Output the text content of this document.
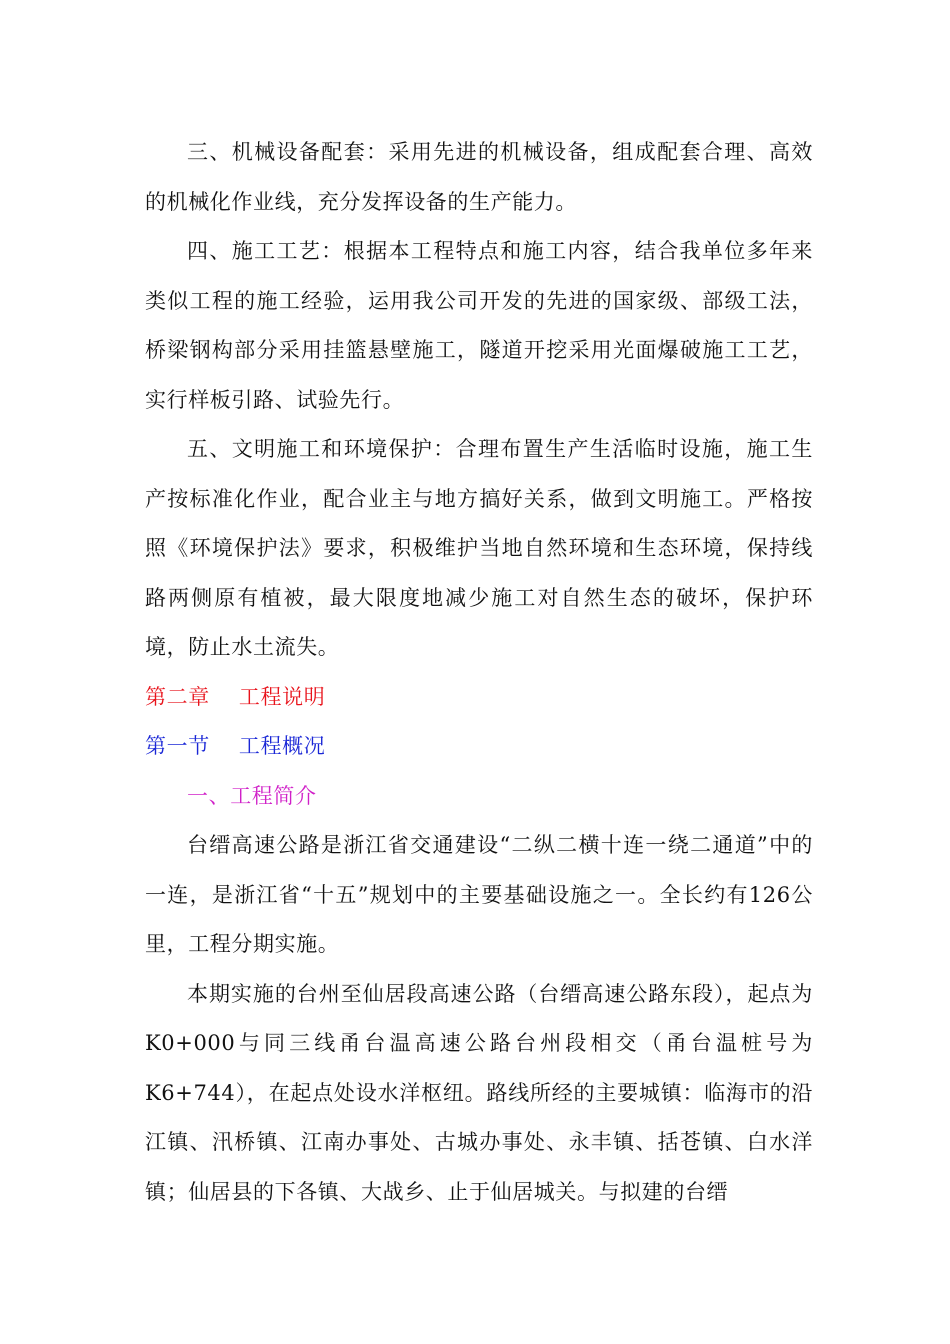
三、机械设备配套：采用先进的机械设备，组成配套合理、高效的机械化作业线，充分发挥设备的生产能力。

四、施工工艺：根据本工程特点和施工内容，结合我单位多年来类似工程的施工经验，运用我公司开发的先进的国家级、部级工法，桥梁钢构部分采用挂篮悬壁施工，隧道开挖采用光面爆破施工工艺，实行样板引路、试验先行。

五、文明施工和环境保护：合理布置生产生活临时设施，施工生产按标准化作业，配合业主与地方搞好关系，做到文明施工。严格按照《环境保护法》要求，积极维护当地自然环境和生态环境，保持线路两侧原有植被，最大限度地减少施工对自然生态的破坏，保护环境，防止水土流失。

第二章    工程说明

第一节    工程概况

一、工程简介

台缙高速公路是浙江省交通建设“二纵二横十连一绕二通道”中的一连，是浙江省“十五”规划中的主要基础设施之一。全长约有126公里，工程分期实施。

本期实施的台州至仙居段高速公路（台缙高速公路东段），起点为K0+000与同三线甬台温高速公路台州段相交（甬台温桩号为K6+744），在起点处设水洋枢纽。路线所经的主要城镇：临海市的沿江镇、汛桥镇、江南办事处、古城办事处、永丰镇、括苍镇、白水洋镇；仙居县的下各镇、大战乡、止于仙居城关。与拟建的台缙
